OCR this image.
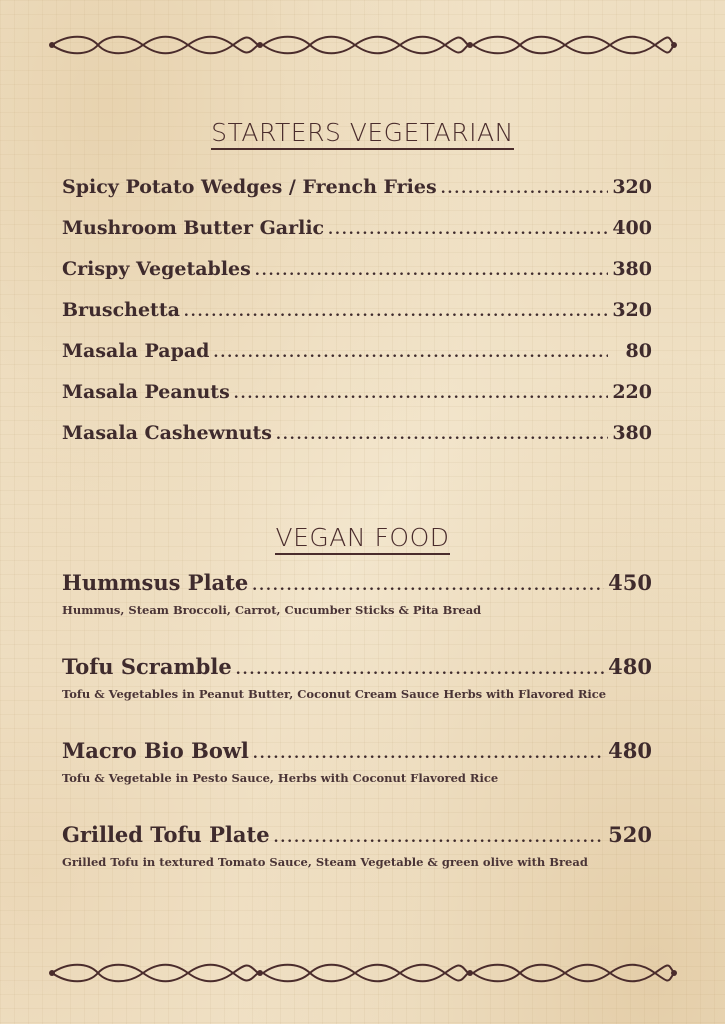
STARTERS VEGETARIAN
Spicy Potato Wedges / French Fries .....	320
Mushroom Butter Garlic .....	400
Crispy Vegetables .....	380
Bruschetta .....	320
Masala Papad .....	80
Masala Peanuts .....	220
Masala Cashewnuts .....	380
VEGAN FOOD
Hummsus Plate .....	450
Hummus, Steam Broccoli, Carrot, Cucumber Sticks & Pita Bread
Tofu Scramble .....	480
Tofu & Vegetables in Peanut Butter, Coconut Cream Sauce Herbs with Flavored Rice
Macro Bio Bowl .....	480
Tofu & Vegetable in Pesto Sauce, Herbs with Coconut Flavored Rice
Grilled Tofu Plate .....	520
Grilled Tofu in textured Tomato Sauce, Steam Vegetable & green olive with Bread
